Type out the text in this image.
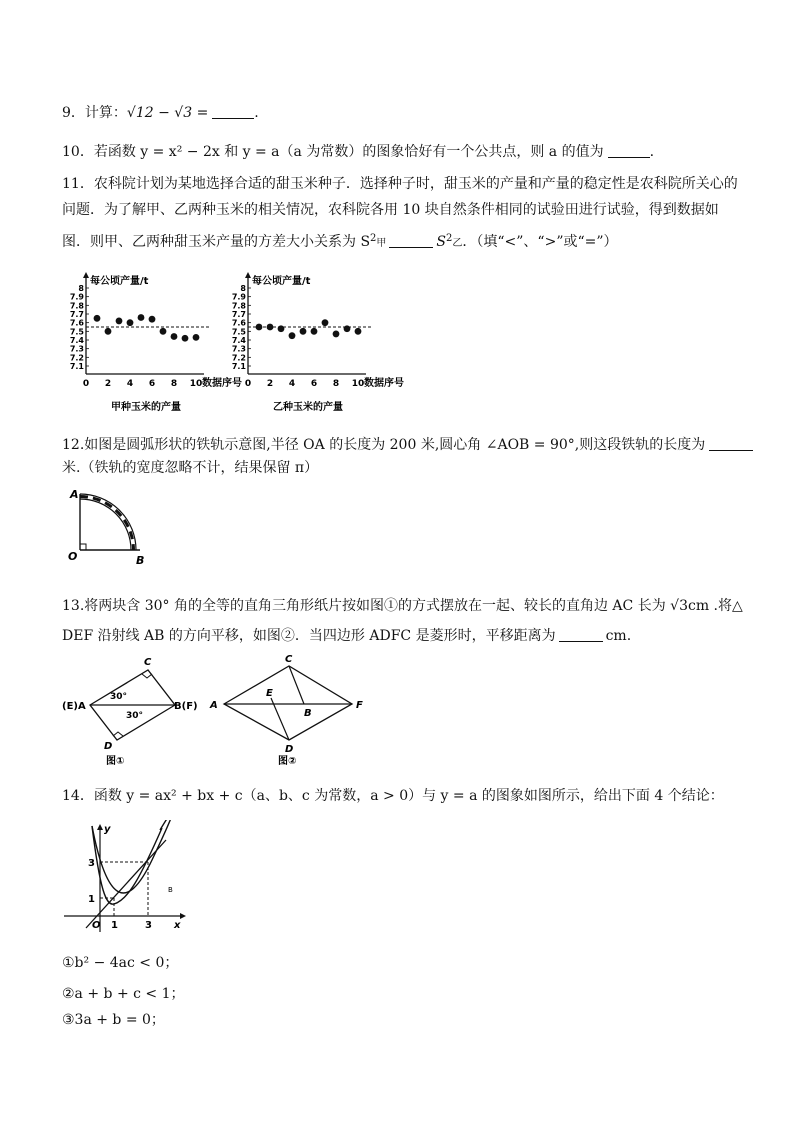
9．计算：√12 − √3 =	.
10．若函数 y = x² − 2x 和 y = a（a 为常数）的图象恰好有一个公共点，则 a 的值为	.
11．农科院计划为某地选择合适的甜玉米种子．选择种子时，甜玉米的产量和产量的稳定性是农科院所关心的
问题．为了解甲、乙两种玉米的相关情况，农科院各用 10 块自然条件相同的试验田进行试验，得到数据如
图．则甲、乙两种甜玉米产量的方差大小关系为 S2甲	S2乙．（填“<”、“>”或“=”）
7.1
7.2
7.3
7.4
7.5
7.6
7.7
7.8
7.9
8
0 2 4 6 8 10
每公顷产量/t
数据序号
甲种玉米的产量
7.1
7.2
7.3
7.4
7.5
7.6
7.7
7.8
7.9
8
0 2 4 6 8 10
每公顷产量/t
数据序号
乙种玉米的产量
12.如图是圆弧形状的铁轨示意图,半径 OA 的长度为 200 米,圆心角 ∠AOB = 90°,则这段铁轨的长度为
米.（铁轨的宽度忽略不计，结果保留 π）
A
O	B
13.将两块含 30° 角的全等的直角三角形纸片按如图①的方式摆放在一起、较长的直角边 AC 长为 √3cm .将△
DEF 沿射线 AB 的方向平移，如图②．当四边形 ADFC 是菱形时，平移距离为	cm.
C
(E)A	B(F)
D
30°
30°
图①
C
A
E
B
F
D
图②
14．函数 y = ax² + bx + c（a、b、c 为常数，a > 0）与 y = a 的图象如图所示，给出下面 4 个结论：
y
x
3
1
O 1	3
B
①b² − 4ac < 0；
②a + b + c < 1；
③3a + b = 0；
